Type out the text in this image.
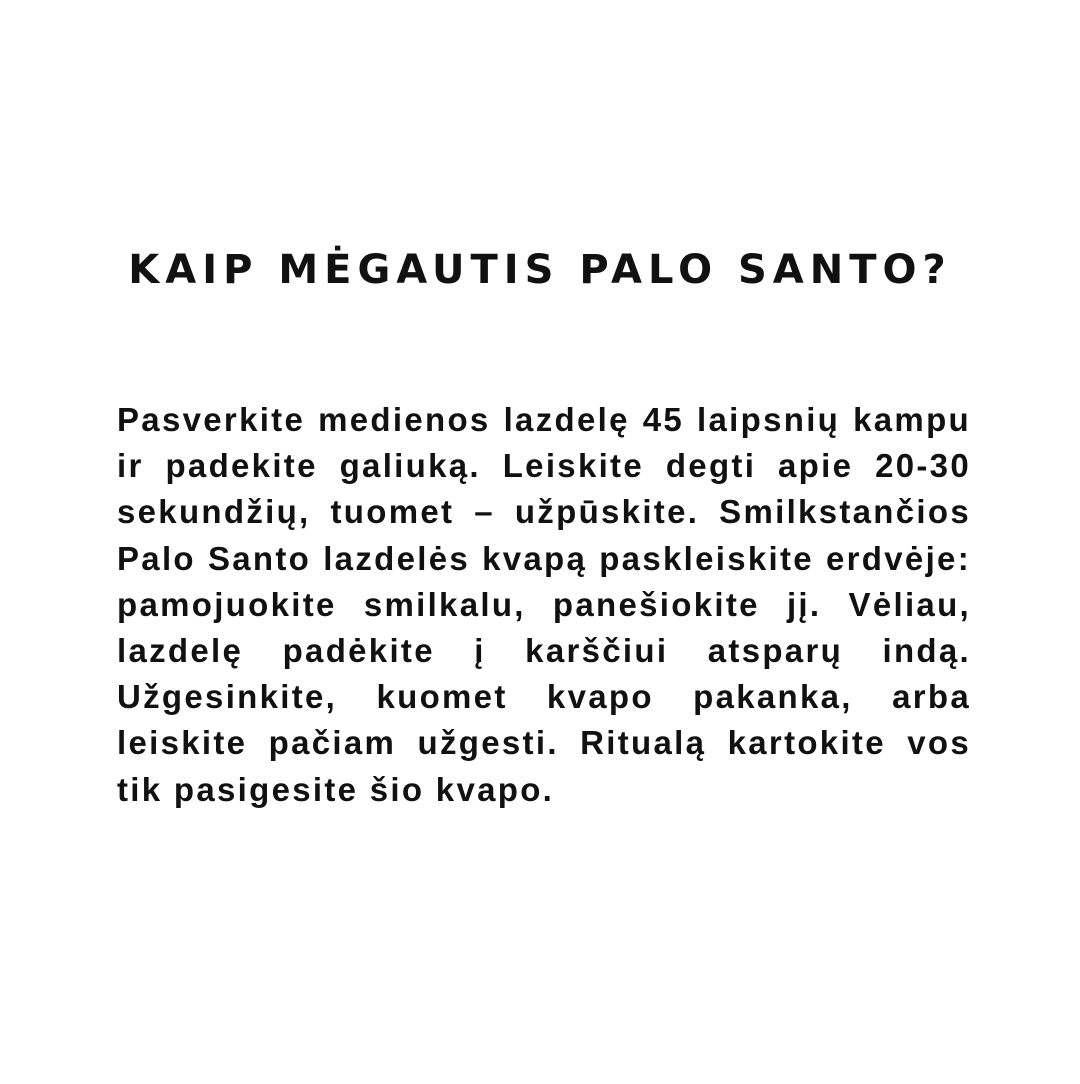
KAIP MĖGAUTIS PALO SANTO?

Pasverkite medienos lazdelę 45 laipsnių kampu ir padekite galiuką. Leiskite degti apie 20-30 sekundžių, tuomet – užpūskite. Smilkstančios Palo Santo lazdelės kvapą paskleiskite erdvėje: pamojuokite smilkalu, panešiokite jį. Vėliau, lazdelę padėkite į karščiui atsparų indą. Užgesinkite, kuomet kvapo pakanka, arba leiskite pačiam užgesti. Ritualą kartokite vos tik pasigesite šio kvapo.
